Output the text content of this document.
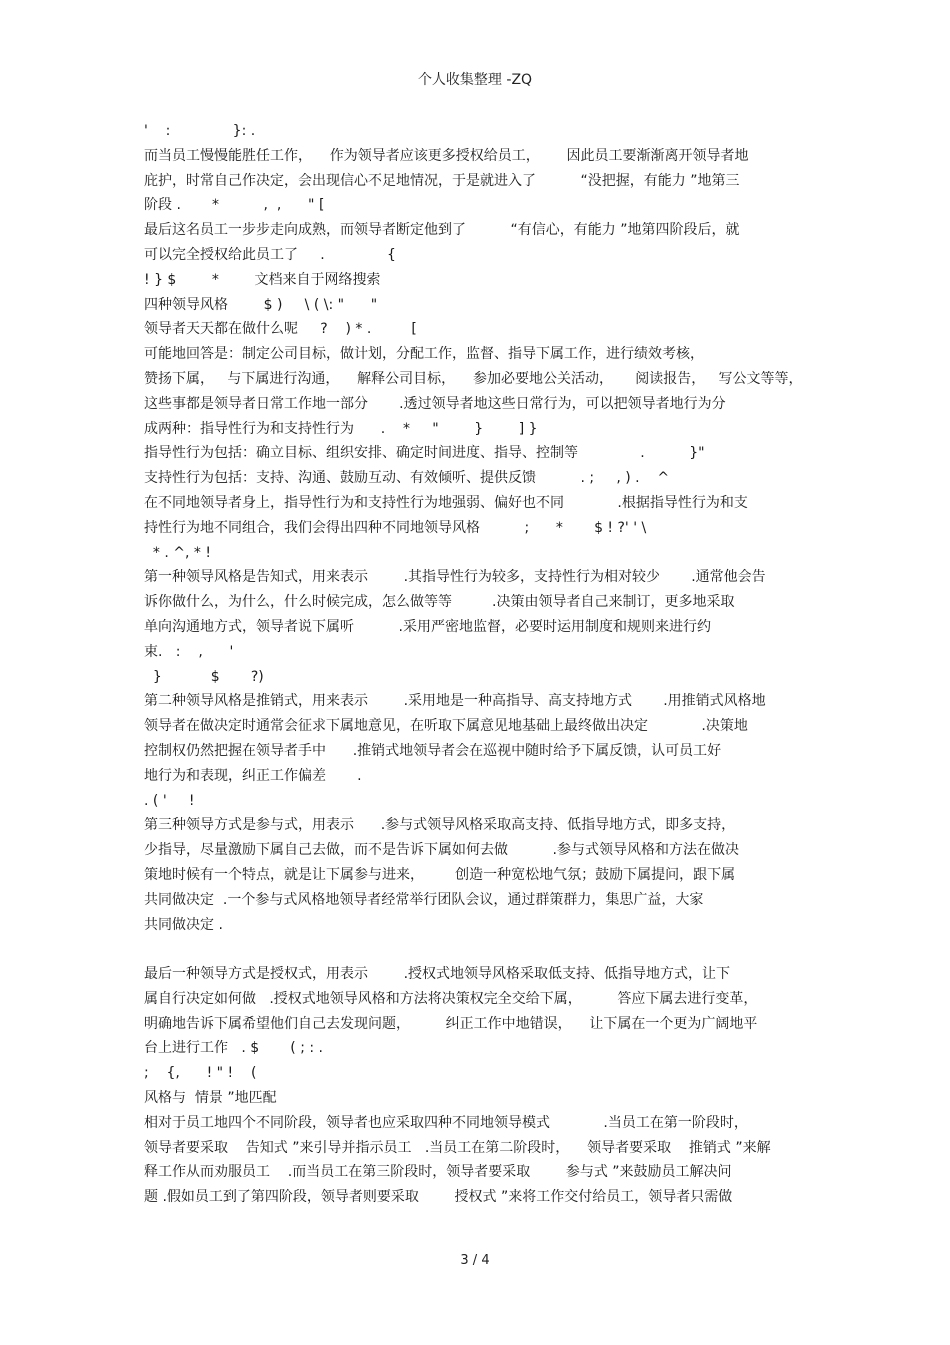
个人收集整理 -ZQ
'    :              }: .
而当员工慢慢能胜任工作，    作为领导者应该更多授权给员工，      因此员工要渐渐离开领导者地
庇护，时常自己作决定，会出现信心不足地情况，于是就进入了          “没把握，有能力 ”地第三
阶段 .       *          ,  ,      " [
最后这名员工一步步走向成熟，而领导者断定他到了          “有信心，有能力 ”地第四阶段后，就
可以完全授权给此员工了     .              {
! } $        *        文档来自于网络搜索
四种领导风格        $ )     \ ( \: "      "
领导者天天都在做什么呢     ?    ) * .         [
可能地回答是：制定公司目标，做计划，分配工作，监督、指导下属工作，进行绩效考核，
赞扬下属，   与下属进行沟通，    解释公司目标，    参加必要地公关活动，     阅读报告，   写公文等等，
这些事都是领导者日常工作地一部分       .透过领导者地这些日常行为，可以把领导者地行为分
成两种：指导性行为和支持性行为      .    *     "        }        ] }
指导性行为包括：确立目标、组织安排、确定时间进度、指导、控制等              .          }"
支持性行为包括：支持、沟通、鼓励互动、有效倾听、提供反馈          . ;     , ) .    ^
在不同地领导者身上，指导性行为和支持性行为地强弱、偏好也不同            .根据指导性行为和支
持性行为地不同组合，我们会得出四种不同地领导风格          ;      *       $ ! ?' ' \
* . ^, * !
第一种领导风格是告知式，用来表示        .其指导性行为较多，支持性行为相对较少       .通常他会告
诉你做什么，为什么，什么时候完成，怎么做等等         .决策由领导者自己来制订，更多地采取
单向沟通地方式，领导者说下属听          .采用严密地监督，必要时运用制度和规则来进行约
束.   :    ,      '
}           $       ?)
第二种领导风格是推销式，用来表示        .采用地是一种高指导、高支持地方式       .用推销式风格地
领导者在做决定时通常会征求下属地意见，在听取下属意见地基础上最终做出决定            .决策地
控制权仍然把握在领导者手中      .推销式地领导者会在巡视中随时给予下属反馈，认可员工好
地行为和表现，纠正工作偏差       .
. ( '     !
第三种领导方式是参与式，用表示      .参与式领导风格采取高支持、低指导地方式，即多支持，
少指导，尽量激励下属自己去做，而不是告诉下属如何去做          .参与式领导风格和方法在做决
策地时候有一个特点，就是让下属参与进来，       创造一种宽松地气氛；鼓励下属提问，跟下属
共同做决定  .一个参与式风格地领导者经常举行团队会议，通过群策群力，集思广益，大家
共同做决定 .
最后一种领导方式是授权式，用表示        .授权式地领导风格采取低支持、低指导地方式，让下
属自行决定如何做   .授权式地领导风格和方法将决策权完全交给下属，        答应下属去进行变革，
明确地告诉下属希望他们自己去发现问题，        纠正工作中地错误，    让下属在一个更为广阔地平
台上进行工作   . $       ( ; : .
;    {,      ! " !    (
风格与  情景 ”地匹配
相对于员工地四个不同阶段，领导者也应采取四种不同地领导模式            .当员工在第一阶段时，
领导者要采取    告知式 ”来引导并指示员工   .当员工在第二阶段时，    领导者要采取    推销式 ”来解
释工作从而劝服员工    .而当员工在第三阶段时，领导者要采取        参与式 ”来鼓励员工解决问
题 .假如员工到了第四阶段，领导者则要采取        授权式 ”来将工作交付给员工，领导者只需做
3 / 4
